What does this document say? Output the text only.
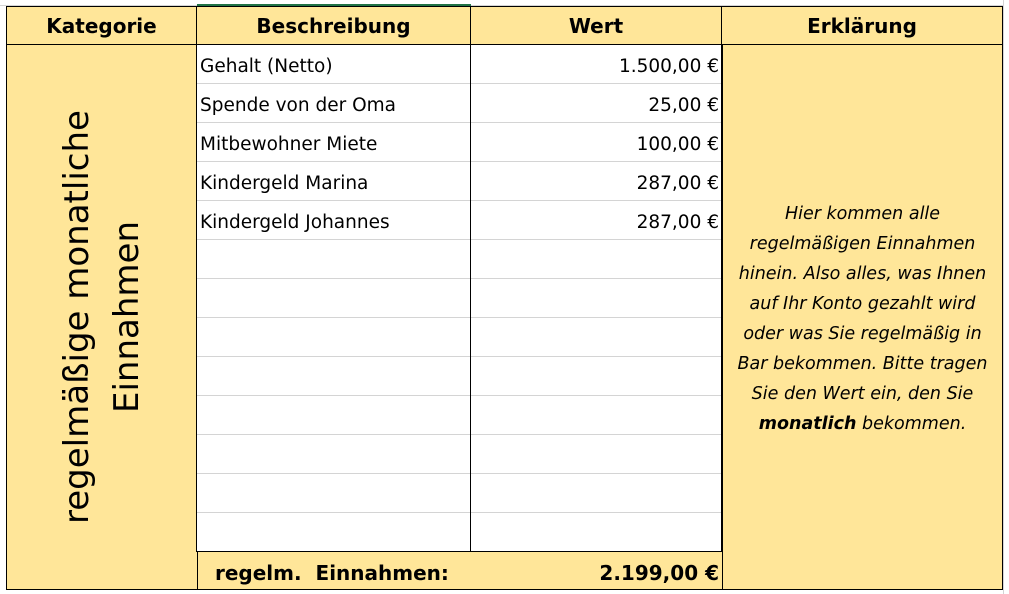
Kategorie	Beschreibung	Wert	Erklärung
regelmäßige monatliche Einnahmen
Gehalt (Netto)	1.500,00 €
Spende von der Oma	25,00 €
Mitbewohner Miete	100,00 €
Kindergeld Marina	287,00 €
Kindergeld Johannes	287,00 €
regelm.  Einnahmen:	2.199,00 €
Hier kommen alle regelmäßigen Einnahmen hinein. Also alles, was Ihnen auf Ihr Konto gezahlt wird oder was Sie regelmäßig in Bar bekommen. Bitte tragen Sie den Wert ein, den Sie monatlich bekommen.
